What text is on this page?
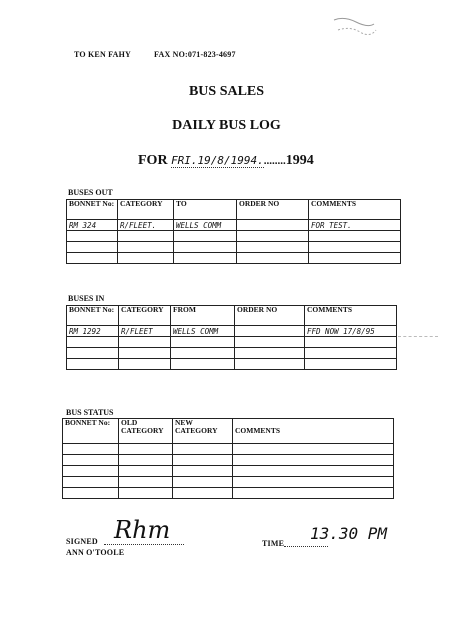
TO KEN FAHY	FAX NO:071-823-4697
BUS SALES
DAILY BUS LOG
FOR FRI.19/8/1994.........1994
BUSES OUT
BONNET No:	CATEGORY	TO	ORDER NO	COMMENTS
RM 324	R/FLEET.	WELLS COMM		FOR TEST.

BUSES IN
BONNET No:	CATEGORY	FROM	ORDER NO	COMMENTS
RM 1292	R/FLEET	WELLS COMM		FFD NOW 17/8/95

BUS STATUS
BONNET No:	OLD CATEGORY	NEW CATEGORY	COMMENTS

SIGNED Rhm
ANN O'TOOLE
TIME
13.30 PM
